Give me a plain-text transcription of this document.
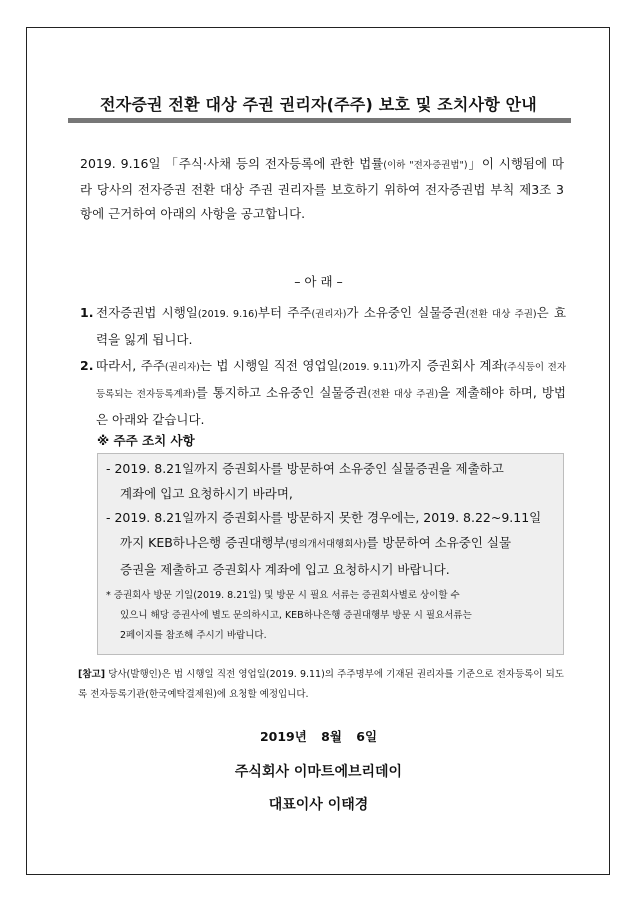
전자증권 전환 대상 주권 권리자(주주) 보호 및 조치사항 안내
2019. 9.16일 「주식·사채 등의 전자등록에 관한 법률(이하 "전자증권법")」이 시행됨에 따라 당사의 전자증권 전환 대상 주권 권리자를 보호하기 위하여 전자증권법 부칙 제3조 3항에 근거하여 아래의 사항을 공고합니다.
– 아 래 –
1. 전자증권법 시행일(2019. 9.16)부터 주주(권리자)가 소유중인 실물증권(전환 대상 주권)은 효력을 잃게 됩니다.
2. 따라서, 주주(권리자)는 법 시행일 직전 영업일(2019. 9.11)까지 증권회사 계좌(주식등이 전자등록되는 전자등록계좌)를 통지하고 소유중인 실물증권(전환 대상 주권)을 제출해야 하며, 방법은 아래와 같습니다.
※ 주주 조치 사항
- 2019. 8.21일까지 증권회사를 방문하여 소유중인 실물증권을 제출하고
계좌에 입고 요청하시기 바라며,
- 2019. 8.21일까지 증권회사를 방문하지 못한 경우에는, 2019. 8.22~9.11일
까지 KEB하나은행 증권대행부(명의개서대행회사)를 방문하여 소유중인 실물
증권을 제출하고 증권회사 계좌에 입고 요청하시기 바랍니다.
* 증권회사 방문 기일(2019. 8.21일) 및 방문 시 필요 서류는 증권회사별로 상이할 수
있으니 해당 증권사에 별도 문의하시고, KEB하나은행 증권대행부 방문 시 필요서류는
2페이지를 참조해 주시기 바랍니다.
[참고] 당사(발행인)은 법 시행일 직전 영업일(2019. 9.11)의 주주명부에 기재된 권리자를 기준으로 전자등록이 되도록 전자등록기관(한국예탁결제원)에 요청할 예정입니다.
2019년 8월 6일
주식회사 이마트에브리데이
대표이사 이태경
